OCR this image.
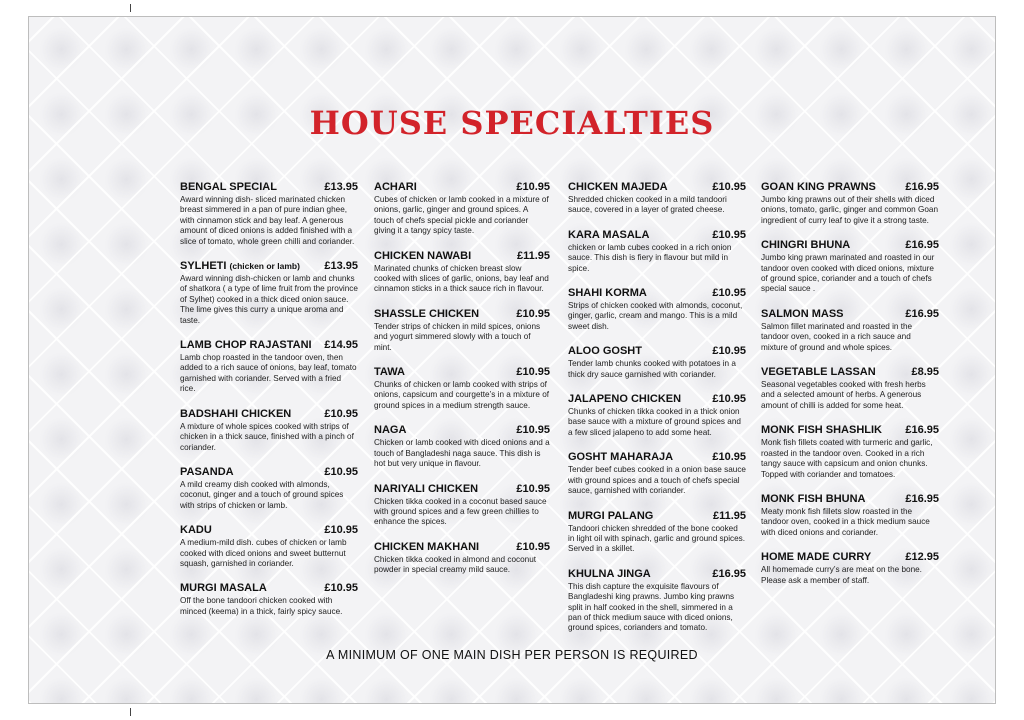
HOUSE SPECIALTIES
BENGAL SPECIAL	£13.95
Award winning dish- sliced marinated chicken breast simmered in a pan of pure indian ghee, with cinnamon stick and bay leaf. A generous amount of diced onions is added finished with a slice of tomato, whole green chilli and coriander.
SYLHETI (chicken or lamb) £13.95
Award winning dish-chicken or lamb and chunks of shatkora ( a type of lime fruit from the province of Sylhet) cooked in a thick diced onion sauce. The lime gives this curry a unique aroma and taste.
LAMB CHOP RAJASTANI £14.95
Lamb chop roasted in the tandoor oven, then added to a rich sauce of onions, bay leaf, tomato garnished with coriander. Served with a fried rice.
BADSHAHI CHICKEN	£10.95
A mixture of whole spices cooked with strips of chicken in a thick sauce, finished with a pinch of coriander.
PASANDA	£10.95
A mild creamy dish cooked with almonds, coconut, ginger and a touch of ground spices with strips of chicken or lamb.
KADU	£10.95
A medium-mild dish. cubes of chicken or lamb cooked with diced onions and sweet butternut squash, garnished in coriander.
MURGI MASALA	£10.95
Off the bone tandoori chicken cooked with minced (keema) in a thick, fairly spicy sauce.
ACHARI	£10.95
Cubes of chicken or lamb cooked in a mixture of onions, garlic, ginger and ground spices. A touch of chefs special pickle and coriander giving it a tangy spicy taste.
CHICKEN NAWABI	£11.95
Marinated chunks of chicken breast slow cooked with slices of garlic, onions, bay leaf and cinnamon sticks in a thick sauce rich in flavour.
SHASSLE CHICKEN	£10.95
Tender strips of chicken in mild spices, onions and yogurt simmered slowly with a touch of mint.
TAWA	£10.95
Chunks of chicken or lamb cooked with strips of onions, capsicum and courgette’s in a mixture of ground spices in a medium strength sauce.
NAGA	£10.95
Chicken or lamb cooked with diced onions and a touch of Bangladeshi naga sauce. This dish is hot but very unique in flavour.
NARIYALI CHICKEN	£10.95
Chicken tikka cooked in a coconut based sauce with ground spices and a few green chillies to enhance the spices.
CHICKEN MAKHANI	£10.95
Chicken tikka cooked in almond and coconut powder in special creamy mild sauce.
CHICKEN MAJEDA	£10.95
Shredded chicken cooked in a mild tandoori sauce, covered in a layer of grated cheese.
KARA MASALA	£10.95
chicken or lamb cubes cooked in a rich onion sauce. This dish is fiery in flavour but mild in spice.
SHAHI KORMA	£10.95
Strips of chicken cooked with almonds, coconut, ginger, garlic, cream and mango. This is a mild sweet dish.
ALOO GOSHT	£10.95
Tender lamb chunks cooked with potatoes in a thick dry sauce garnished with coriander.
JALAPENO CHICKEN	£10.95
Chunks of chicken tikka cooked in a thick onion base sauce with a mixture of ground spices and a few sliced jalapeno to add some heat.
GOSHT MAHARAJA	£10.95
Tender beef cubes cooked in a onion base sauce with ground spices and a touch of chefs special sauce, garnished with coriander.
MURGI PALANG	£11.95
Tandoori chicken shredded of the bone cooked in light oil with spinach, garlic and ground spices. Served in a skillet.
KHULNA JINGA	£16.95
This dish capture the exquisite flavours of Bangladeshi king prawns. Jumbo king prawns split in half cooked in the shell, simmered in a pan of thick medium sauce with diced onions, ground spices, corianders and tomato.
GOAN KING PRAWNS	£16.95
Jumbo king prawns out of their shells with diced onions, tomato, garlic, ginger and common Goan ingredient of curry leaf to give it a strong taste.
CHINGRI BHUNA	£16.95
Jumbo king prawn marinated and roasted in our tandoor oven cooked with diced onions, mixture of ground spice, coriander and a touch of chefs special sauce .
SALMON MASS	£16.95
Salmon fillet marinated and roasted in the tandoor oven, cooked in a rich sauce and mixture of ground and whole spices.
VEGETABLE LASSAN	£8.95
Seasonal vegetables cooked with fresh herbs and a selected amount of herbs. A generous amount of chilli is added for some heat.
MONK FISH SHASHLIK £16.95
Monk fish fillets coated with turmeric and garlic, roasted in the tandoor oven. Cooked in a rich tangy sauce with capsicum and onion chunks. Topped with coriander and tomatoes.
MONK FISH BHUNA	£16.95
Meaty monk fish fillets slow roasted in the tandoor oven, cooked in a thick medium sauce with diced onions and coriander.
HOME MADE CURRY	£12.95
All homemade curry’s are meat on the bone. Please ask a member of staff.
A MINIMUM OF ONE MAIN DISH PER PERSON IS REQUIRED
